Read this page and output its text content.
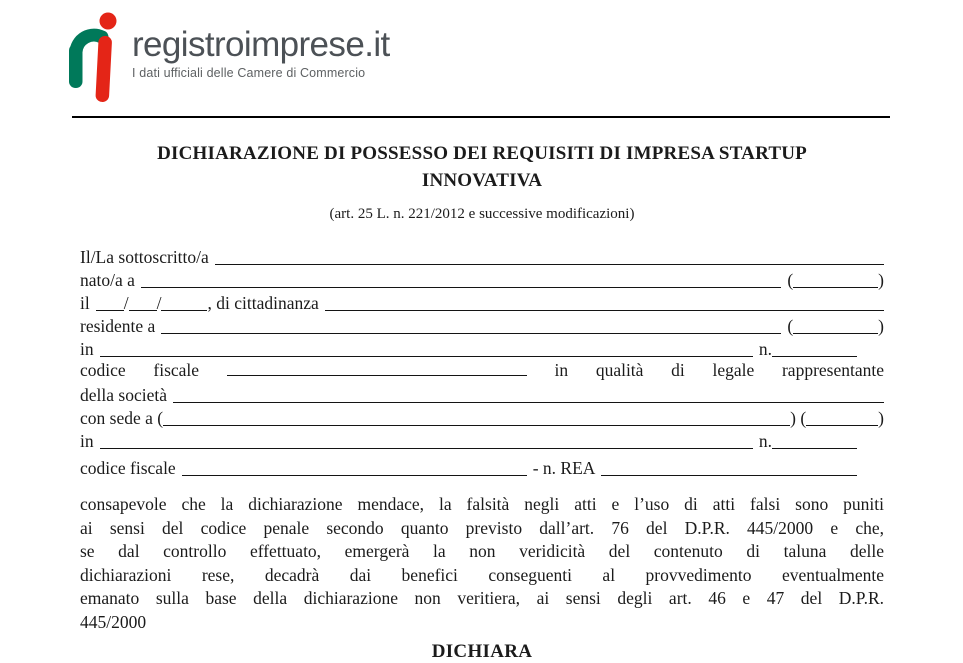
registroimprese.it
I dati ufficiali delle Camere di Commercio
DICHIARAZIONE DI POSSESSO DEI REQUISITI DI IMPRESA STARTUP
INNOVATIVA
(art. 25 L. n. 221/2012 e successive modificazioni)
Il/La sottoscritto/a
nato/a a	(	)
il / /	, di cittadinanza
residente a	(	)
in	n.
codice fiscale	in qualità di legale rappresentante
della società
con sede a (	) (	)
in	n.
codice fiscale	- n. REA
consapevole che la dichiarazione mendace, la falsità negli atti e l’uso di atti falsi sono puniti
ai sensi del codice penale secondo quanto previsto dall’art. 76 del D.P.R. 445/2000 e che,
se dal controllo effettuato, emergerà la non veridicità del contenuto di taluna delle
dichiarazioni rese, decadrà dai benefici conseguenti al provvedimento eventualmente
emanato sulla base della dichiarazione non veritiera, ai sensi degli art. 46 e 47 del D.P.R.
445/2000
DICHIARA
